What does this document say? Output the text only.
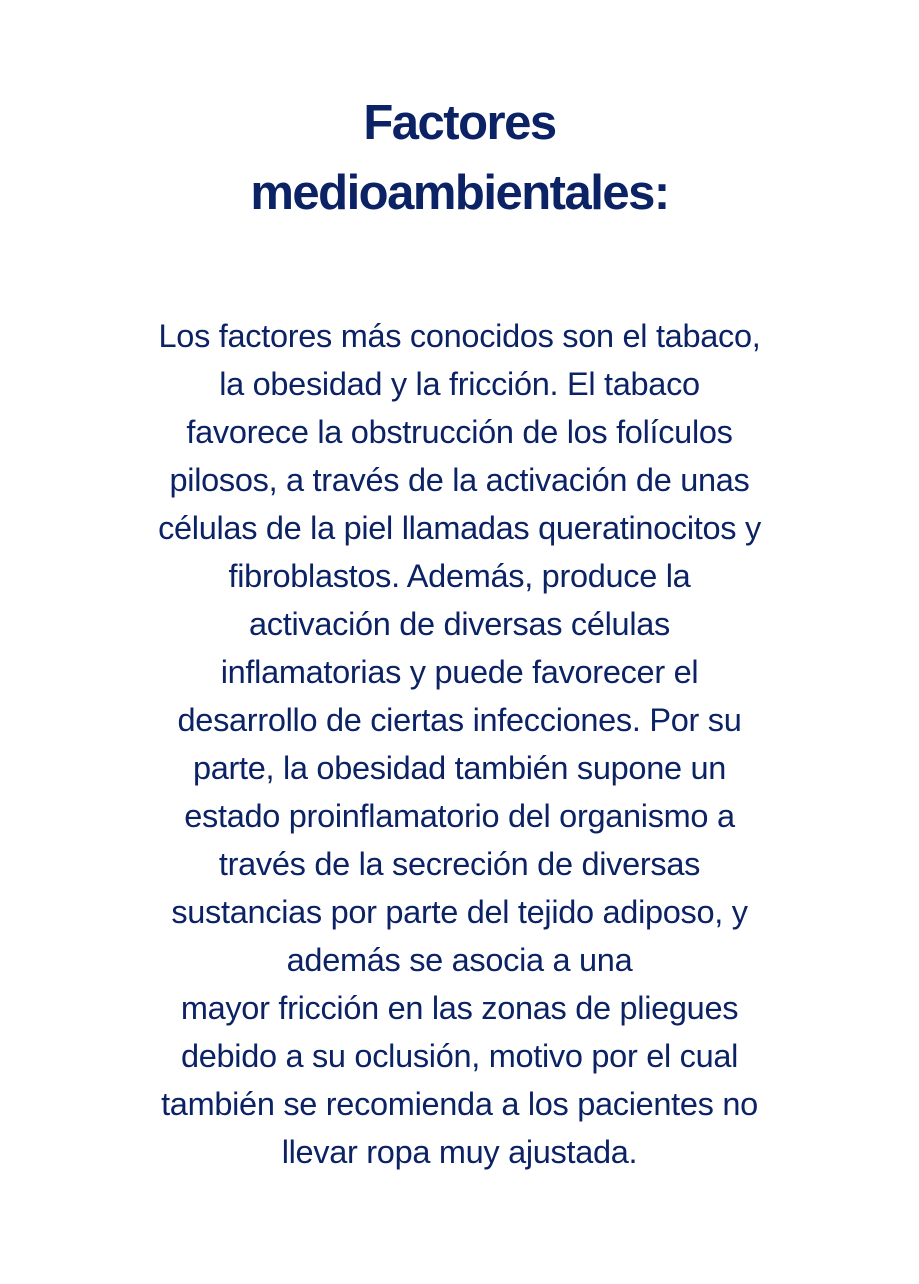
Factores
medioambientales:

Los factores más conocidos son el tabaco,
la obesidad y la fricción. El tabaco
favorece la obstrucción de los folículos
pilosos, a través de la activación de unas
células de la piel llamadas queratinocitos y
fibroblastos. Además, produce la
activación de diversas células
inflamatorias y puede favorecer el
desarrollo de ciertas infecciones. Por su
parte, la obesidad también supone un
estado proinflamatorio del organismo a
través de la secreción de diversas
sustancias por parte del tejido adiposo, y
además se asocia a una
mayor fricción en las zonas de pliegues
debido a su oclusión, motivo por el cual
también se recomienda a los pacientes no
llevar ropa muy ajustada.
